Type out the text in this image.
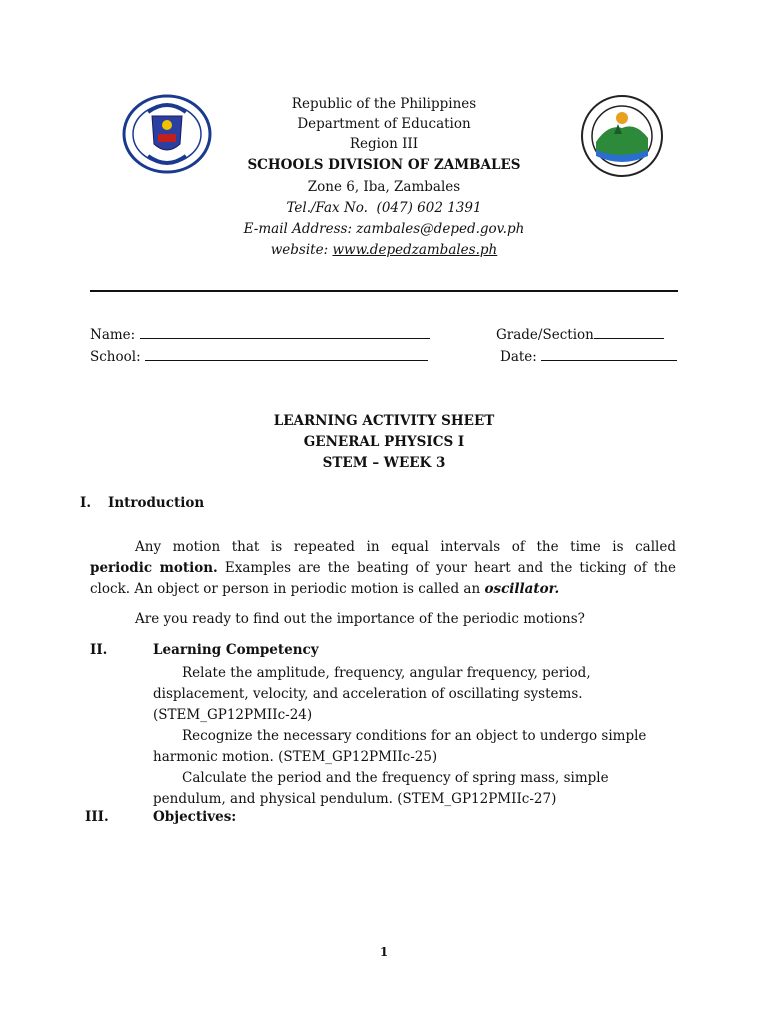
Republic of the Philippines
Department of Education
Region III
SCHOOLS DIVISION OF ZAMBALES
Zone 6, Iba, Zambales
Tel./Fax No. (047) 602 1391
E-mail Address: zambales@deped.gov.ph
website: www.depedzambales.ph
Name:	Grade/Section
School:	Date:
LEARNING ACTIVITY SHEET
GENERAL PHYSICS I
STEM – WEEK 3
I. Introduction
Any motion that is repeated in equal intervals of the time is called
periodic motion. Examples are the beating of your heart and the ticking of the
clock. An object or person in periodic motion is called an oscillator.
Are you ready to find out the importance of the periodic motions?
II.	Learning Competency
Relate the amplitude, frequency, angular frequency, period,
displacement, velocity, and acceleration of oscillating systems.
(STEM_GP12PMIIc-24)
Recognize the necessary conditions for an object to undergo simple
harmonic motion. (STEM_GP12PMIIc-25)
Calculate the period and the frequency of spring mass, simple
pendulum, and physical pendulum. (STEM_GP12PMIIc-27)
III.	Objectives:
1
